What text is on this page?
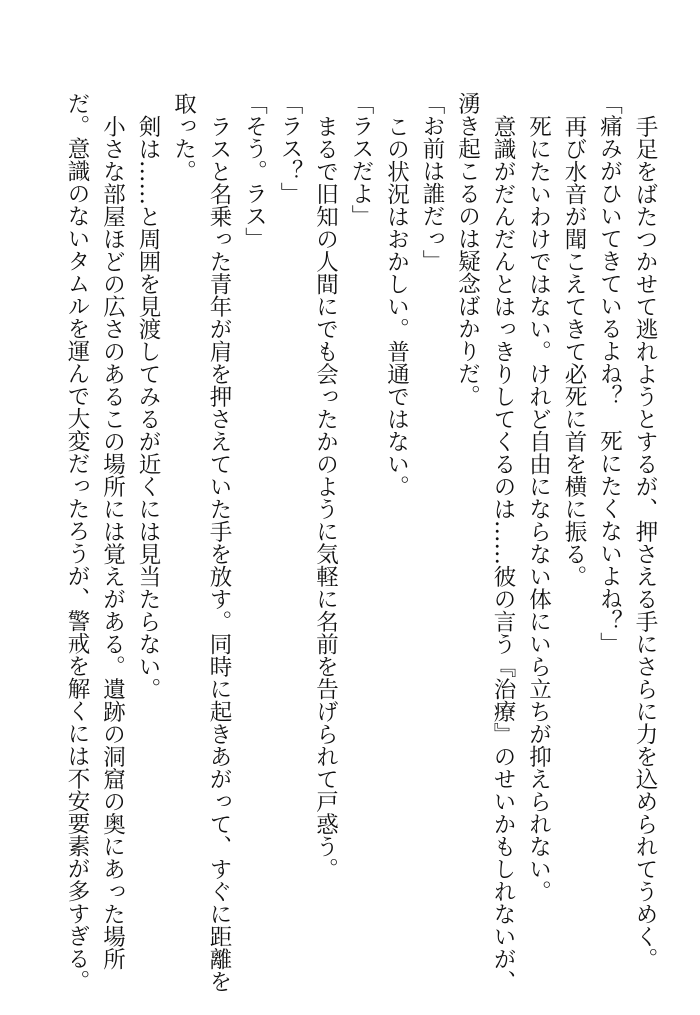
手足をばたつかせて逃れようとするが、押さえる手にさらに力を込められてうめく。

「痛みがひいてきているよね？　死にたくないよね？」

再び水音が聞こえてきて必死に首を横に振る。

死にたいわけではない。けれど自由にならない体にいら立ちが抑えられない。

意識がだんだんとはっきりしてくるのは……彼の言う『治療』のせいかもしれないが、湧き起こるのは疑念ばかりだ。

「お前は誰だっ」

この状況はおかしい。普通ではない。

「ラスだよ」

まるで旧知の人間にでも会ったかのように気軽に名前を告げられて戸惑う。

「ラス？」

「そう。ラス」

ラスと名乗った青年が肩を押さえていた手を放す。同時に起きあがって、すぐに距離を取った。

剣は……と周囲を見渡してみるが近くには見当たらない。

小さな部屋ほどの広さのあるこの場所には覚えがある。遺跡の洞窟の奥にあった場所だ。意識のないタムルを運んで大変だったろうが、警戒を解くには不安要素が多すぎる。
